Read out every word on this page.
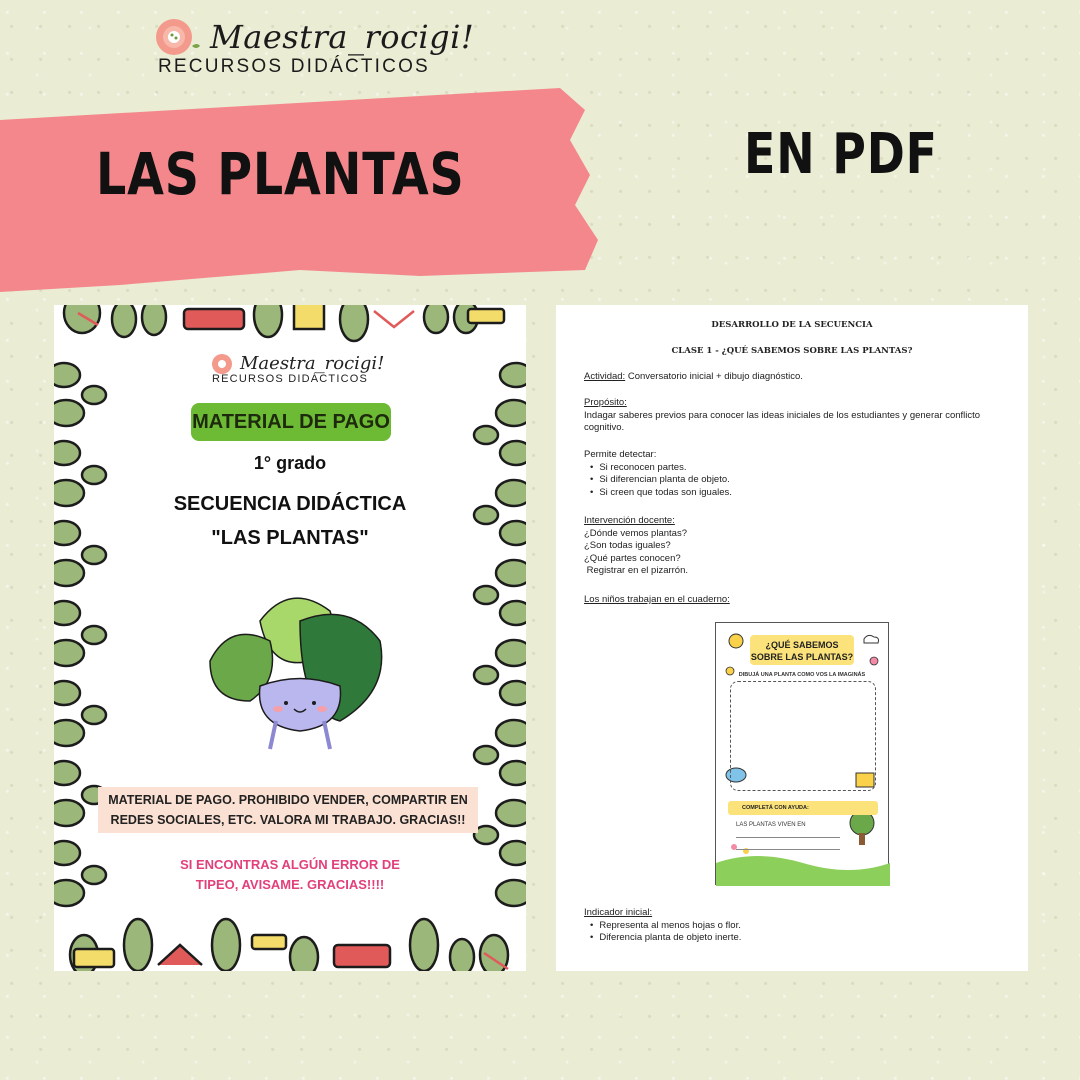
Maestra_rocigi!
RECURSOS DIDÁCTICOS
LAS PLANTAS	EN PDF
Maestra_rocigi!
RECURSOS DIDÁCTICOS
MATERIAL DE PAGO
1° grado
SECUENCIA DIDÁCTICA
"LAS PLANTAS"
MATERIAL DE PAGO. PROHIBIDO VENDER, COMPARTIR EN REDES SOCIALES, ETC. VALORA MI TRABAJO. GRACIAS!!
SI ENCONTRAS ALGÚN ERROR DE
TIPEO, AVISAME. GRACIAS!!!!
DESARROLLO DE LA SECUENCIA
CLASE 1 - ¿QUÉ SABEMOS SOBRE LAS PLANTAS?
Actividad: Conversatorio inicial + dibujo diagnóstico.
Propósito:
Indagar saberes previos para conocer las ideas iniciales de los estudiantes y generar conflicto cognitivo.
Permite detectar:
• Si reconocen partes.
• Si diferencian planta de objeto.
• Si creen que todas son iguales.
Intervención docente:
¿Dónde vemos plantas?
¿Son todas iguales?
¿Qué partes conocen?
Registrar en el pizarrón.
Los niños trabajan en el cuaderno:
¿QUÉ SABEMOS
SOBRE LAS PLANTAS?
DIBUJÁ UNA PLANTA COMO VOS LA IMAGINÁS
COMPLETÁ CON AYUDA:
LAS PLANTAS VIVEN EN
Indicador inicial:
• Representa al menos hojas o flor.
• Diferencia planta de objeto inerte.
